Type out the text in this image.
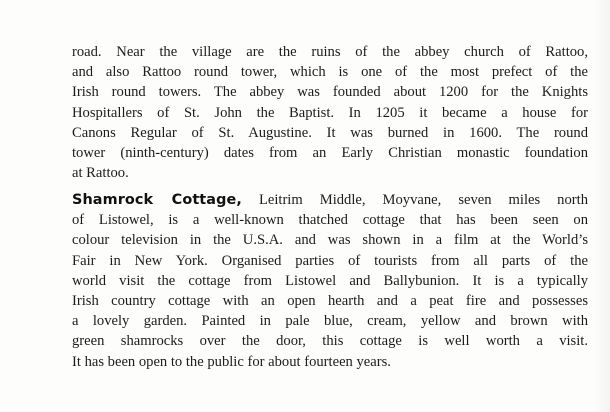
road. Near the village are the ruins of the abbey church of Rattoo,
and also Rattoo round tower, which is one of the most prefect of the
Irish round towers. The abbey was founded about 1200 for the Knights
Hospitallers of St. John the Baptist. In 1205 it became a house for
Canons Regular of St. Augustine. It was burned in 1600. The round
tower (ninth-century) dates from an Early Christian monastic foundation
at Rattoo.
Shamrock Cottage, Leitrim Middle, Moyvane, seven miles north
of Listowel, is a well-known thatched cottage that has been seen on
colour television in the U.S.A. and was shown in a film at the World’s
Fair in New York. Organised parties of tourists from all parts of the
world visit the cottage from Listowel and Ballybunion. It is a typically
Irish country cottage with an open hearth and a peat fire and possesses
a lovely garden. Painted in pale blue, cream, yellow and brown with
green shamrocks over the door, this cottage is well worth a visit.
It has been open to the public for about fourteen years.
